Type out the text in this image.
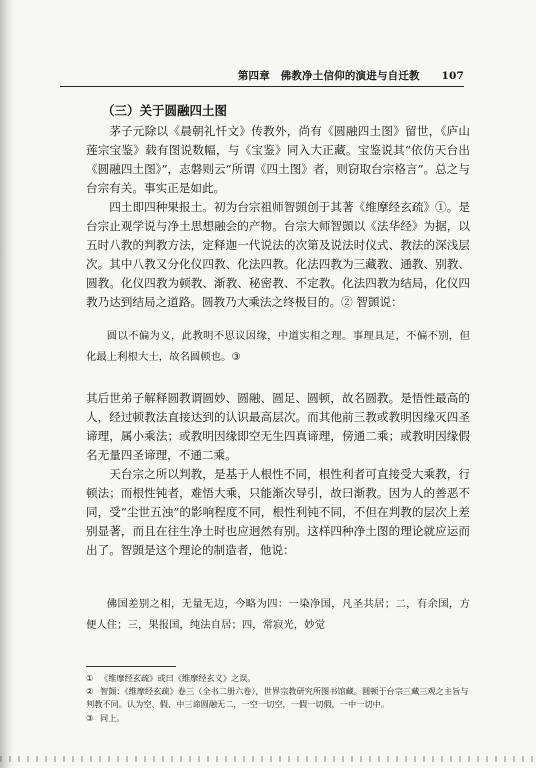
第四章　佛教净土信仰的演进与自迁教 107
（三）关于圆融四土图

茅子元除以《晨朝礼忏文》传教外，尚有《圆融四土图》留世，《庐山莲宗宝鉴》载有图说数幅，与《宝鉴》同入大正藏。宝鉴说其“依仿天台出《圆融四土图》”，志磐则云“所谓《四土图》者，则窃取台宗格言”。总之与台宗有关。事实正是如此。

四土即四种果报土。初为台宗祖师智顗创于其著《维摩经玄疏》①。是台宗止观学说与净土思想融会的产物。台宗大师智顗以《法华经》为据，以五时八教的判教方法，定释迦一代说法的次第及说法时仪式、教法的深浅层次。其中八教又分化仪四教、化法四教。化法四教为三藏教、通教、别教、圆教。化仪四教为顿教、渐教、秘密教、不定教。化法四教为结局，化仪四教乃达到结局之道路。圆教乃大乘法之终极目的。② 智顗说：

圆以不偏为义，此教明不思议因缘，中道实相之理。事理具足，不偏不别，但化最上利根大士，故名圆顿也。③

其后世弟子解释圆教谓圆妙、圆融、圆足、圆顿，故名圆教。是悟性最高的人，经过顿教法直接达到的认识最高层次。而其他前三教或教明因缘灭四圣谛理，属小乘法；或教明因缘即空无生四真谛理，傍通二乘；或教明因缘假名无量四圣谛理，不通二乘。

天台宗之所以判教，是基于人根性不同，根性利者可直接受大乘教，行顿法；而根性钝者，难悟大乘，只能渐次导引，故曰渐教。因为人的善恶不同，受“尘世五浊”的影响程度不同，根性利钝不同，不但在判教的层次上差别显著，而且在往生净土时也应迥然有别。这样四种净土图的理论就应运而出了。智顗是这个理论的制造者，他说：

佛国差别之相，无量无边，今略为四：一染净国，凡圣共居；二，有余国，方便人住；三，果报国，纯法自居；四，常寂光，妙觉

① 《维摩经玄疏》或曰《维摩经玄义》之误。

② 智顗：《维摩经玄疏》卷三（全书二册六卷），世界宗教研究所图书馆藏。圆顿于台宗三藏三观之主旨与判教不同。认为空、假、中三谛圆融无二，一空一切空，一假一切假，一中一切中。

③ 同上。
